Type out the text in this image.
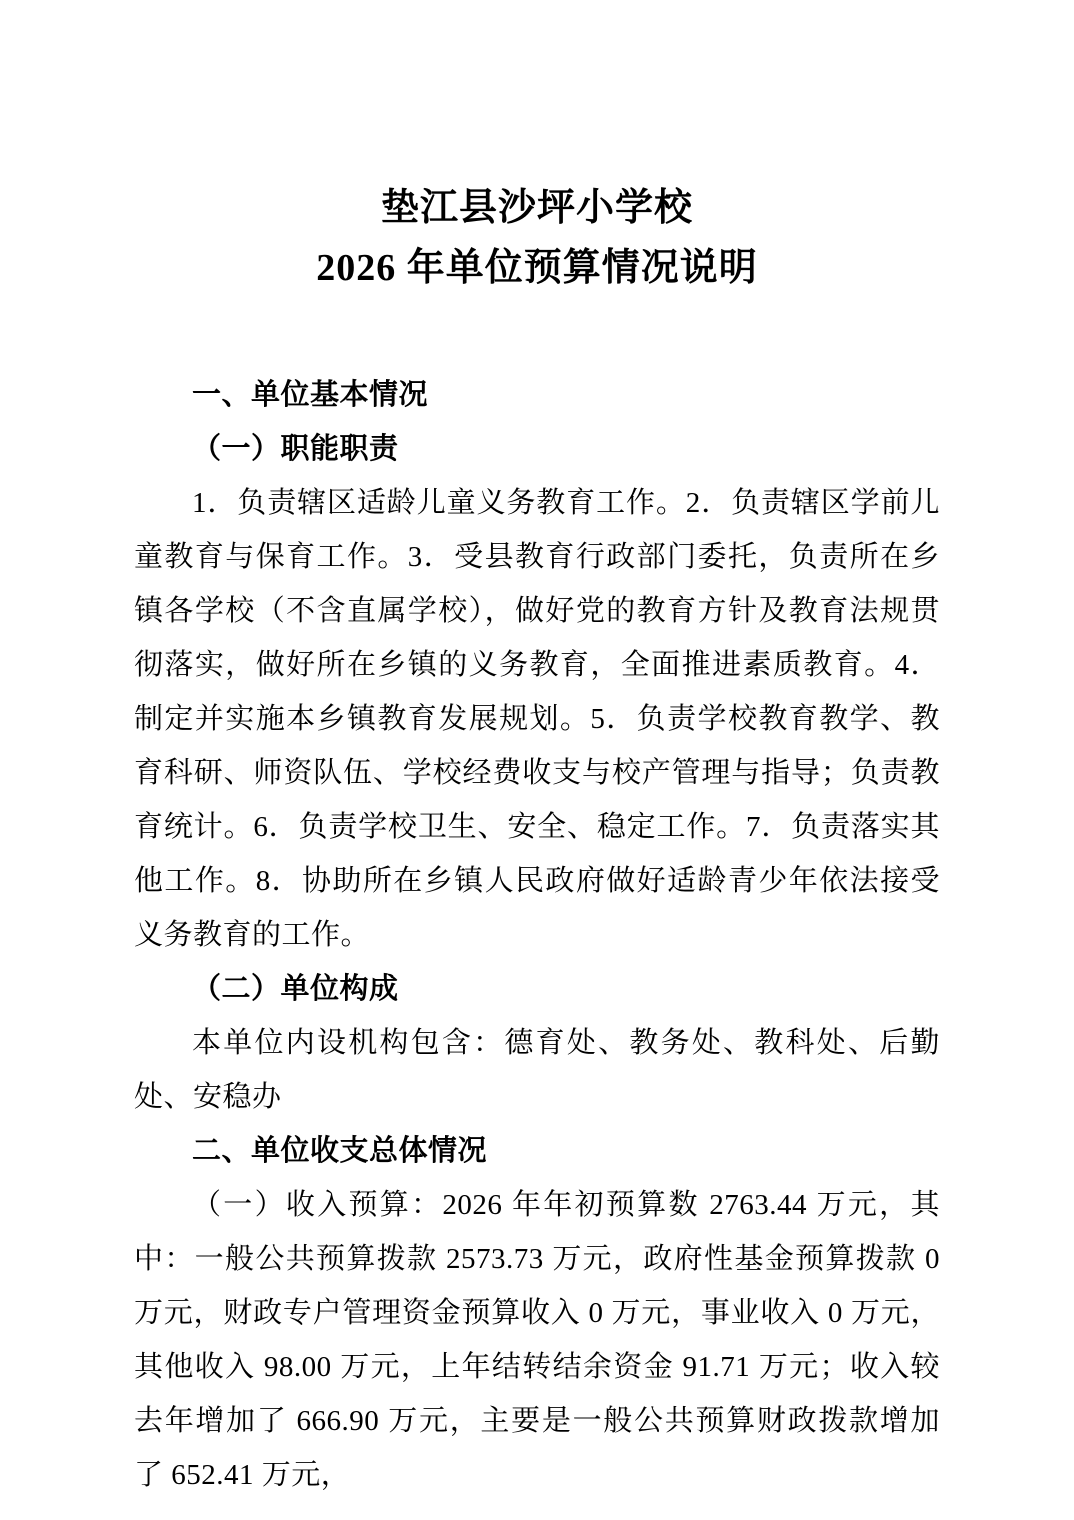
垫江县沙坪小学校
2026 年单位预算情况说明
一、单位基本情况
（一）职能职责
1．负责辖区适龄儿童义务教育工作。2．负责辖区学前儿童教育与保育工作。3．受县教育行政部门委托，负责所在乡镇各学校（不含直属学校），做好党的教育方针及教育法规贯彻落实，做好所在乡镇的义务教育，全面推进素质教育。4．制定并实施本乡镇教育发展规划。5．负责学校教育教学、教育科研、师资队伍、学校经费收支与校产管理与指导；负责教育统计。6．负责学校卫生、安全、稳定工作。7．负责落实其他工作。8．协助所在乡镇人民政府做好适龄青少年依法接受义务教育的工作。
（二）单位构成
本单位内设机构包含：德育处、教务处、教科处、后勤处、安稳办
二、单位收支总体情况
（一）收入预算：2026 年年初预算数 2763.44 万元，其中：一般公共预算拨款 2573.73 万元，政府性基金预算拨款 0 万元，财政专户管理资金预算收入 0 万元，事业收入 0 万元，其他收入 98.00 万元，上年结转结余资金 91.71 万元；收入较去年增加了 666.90 万元，主要是一般公共预算财政拨款增加了 652.41 万元，
